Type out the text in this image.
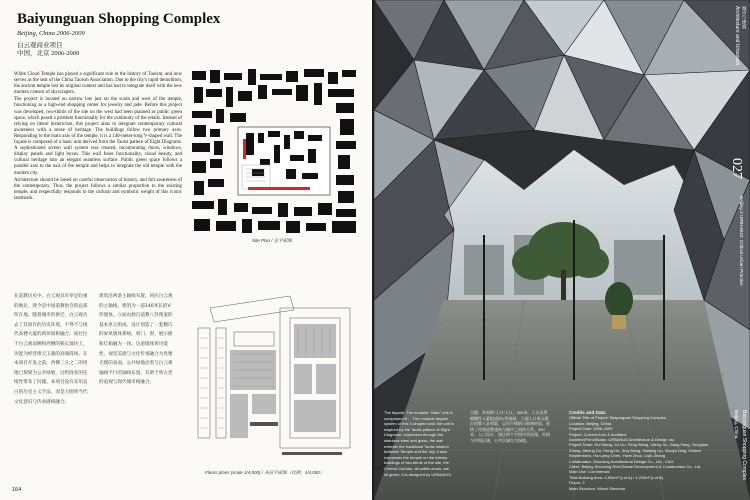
Baiyunguan Shopping Complex
Beijing, China 2006-2009
白云观商业项目
中国，北京 2006-2009

White Cloud Temple has played a significant role in the history of Taoism, and now serves as the seat of the China Taoism Association. Due to the city's rapid demolition, the ancient temple lost its original context and has had to integrate itself with the new modern context of skyscrapers.

The project is located on narrow lots just on the south and west of the temple, functioning as a high-end shopping center for jewelry and jade. Before this project was developed, two-thirds of the site on the west had been planned as public green space, which posed a problem functionally for the continuity of the retails. Instead of relying on literal historicism, this project aims to integrate contemporary cultural awareness with a sense of heritage. The buildings follow two primary axes. Responding to the main axis of the temple, it is a 140-meter-long V-shaped wall. The façade is composed of a basic unit derived from the Taoist pattern of Eight Diagrams. A sophisticated screen wall system was created, incorporating doors, windows, display panels and light boxes. This wall fuses functionality, visual beauty, and cultural heritage into an elegant seamless surface. Public green space follows a parallel axis to the axis of the temple and helps to integrate the old temple with the modern city.

Architecture should be based on careful observation of history, and full awareness of the contemporary. Thus, the project follows a similar proportion to the existing temple, and respectfully responds to the cultural and symbolic weight of this iconic landmark.

在道教历史中，白云观具有举足轻重的地位，现今是中国道教协会的总部所在地。随着城市的拆迁，白云观失去了其原有的历史环境，不得不与现代高楼大厦的新环境相融合。项目位于白云观南侧和西侧的狭长地块上，功能为经营珠宝玉器的高端商场。在本项目开发之前，西侧三分之二的用地已规划为公共绿地，这给商业的连续性带来了问题。本项目没有采用直白的历史主义手法，而是力图将当代文化意识与传承感相融合。
建筑沿两条主轴线布置。回应白云观的主轴线，建筑为一道140米长的V形墙体。立面由源自道教八卦图案的基本单元组成。设计创造了一套精巧的屏风墙体系统，将门、窗、展示板和灯箱融为一体。这道墙体将功能性、视觉美感与文化传承融合为优雅无缝的表面。公共绿地沿着与白云观轴线平行的轴线布置，有助于将古老的道观与现代城市相融合。
Site Plan / 总平面图
Floors plans (scale 1/4,000) / 各层平面图（比例：1/4,000）
164
城市与建筑
Architecture and Urbanism
027
Beijing 2 URBANUS: Critical Urban Practice
Baiyunguan Shopping Complex
Beijing, China
The façade: The modular “Gate” unit is composed of ... The modular façade system of this V-shaped wall; the unit is inspired by the Taoist pattern of Eight Diagrams, expressed through the stainless steel and glass, the wall extends the traditional Taoist relation between Temple and the city. It also expresses the temple on the interior, buildings of two-thirds of the site, the Central Corridor, all public areas, are all green; it is designed by URBANUS.
主楼：外围的“入口”入口，300米，入口采用模糊性元素组成的V形墙体，立面入口单元源自道教八卦图案，运用不锈钢与玻璃材质，延续了传统道教建筑与城市之间的关系。300米，入口设计，通过两个空间序列处理，外围与中间区域，公共区域均为绿地。
Credits and Data
Official Title of Project: Baiyunguan Shopping Complex
Location: Beijing, China
Project Date: 2006-2009
Project: Current Arch & Architect
Architect/Firm/Studio: URBANUS Architecture & Design Inc.
Project Team: Hui Wang, Xu Liu, Feng Wang, Lifeng Xu, Gang Fang, Yongqian Zhang, Aihong Du, Hong Liu, Jing Wang, Haiqing Liu, Xiaoyu Ding, Kristen Klepfenstein, Hun-ping Chen, Yiwei Zhou, Liqiu Zhang
Collaborator: Shunxing Architectural Design Co., Ltd., CAG
Client: Beijing Shunxing Real Estate Development & Construction Co., Ltd.
Main Use: Commercial
Total Building Area: 6,500m² (Lot A) / 4,223m² (Lot B)
Floors: 2
Main Structure: Mixed Structure
